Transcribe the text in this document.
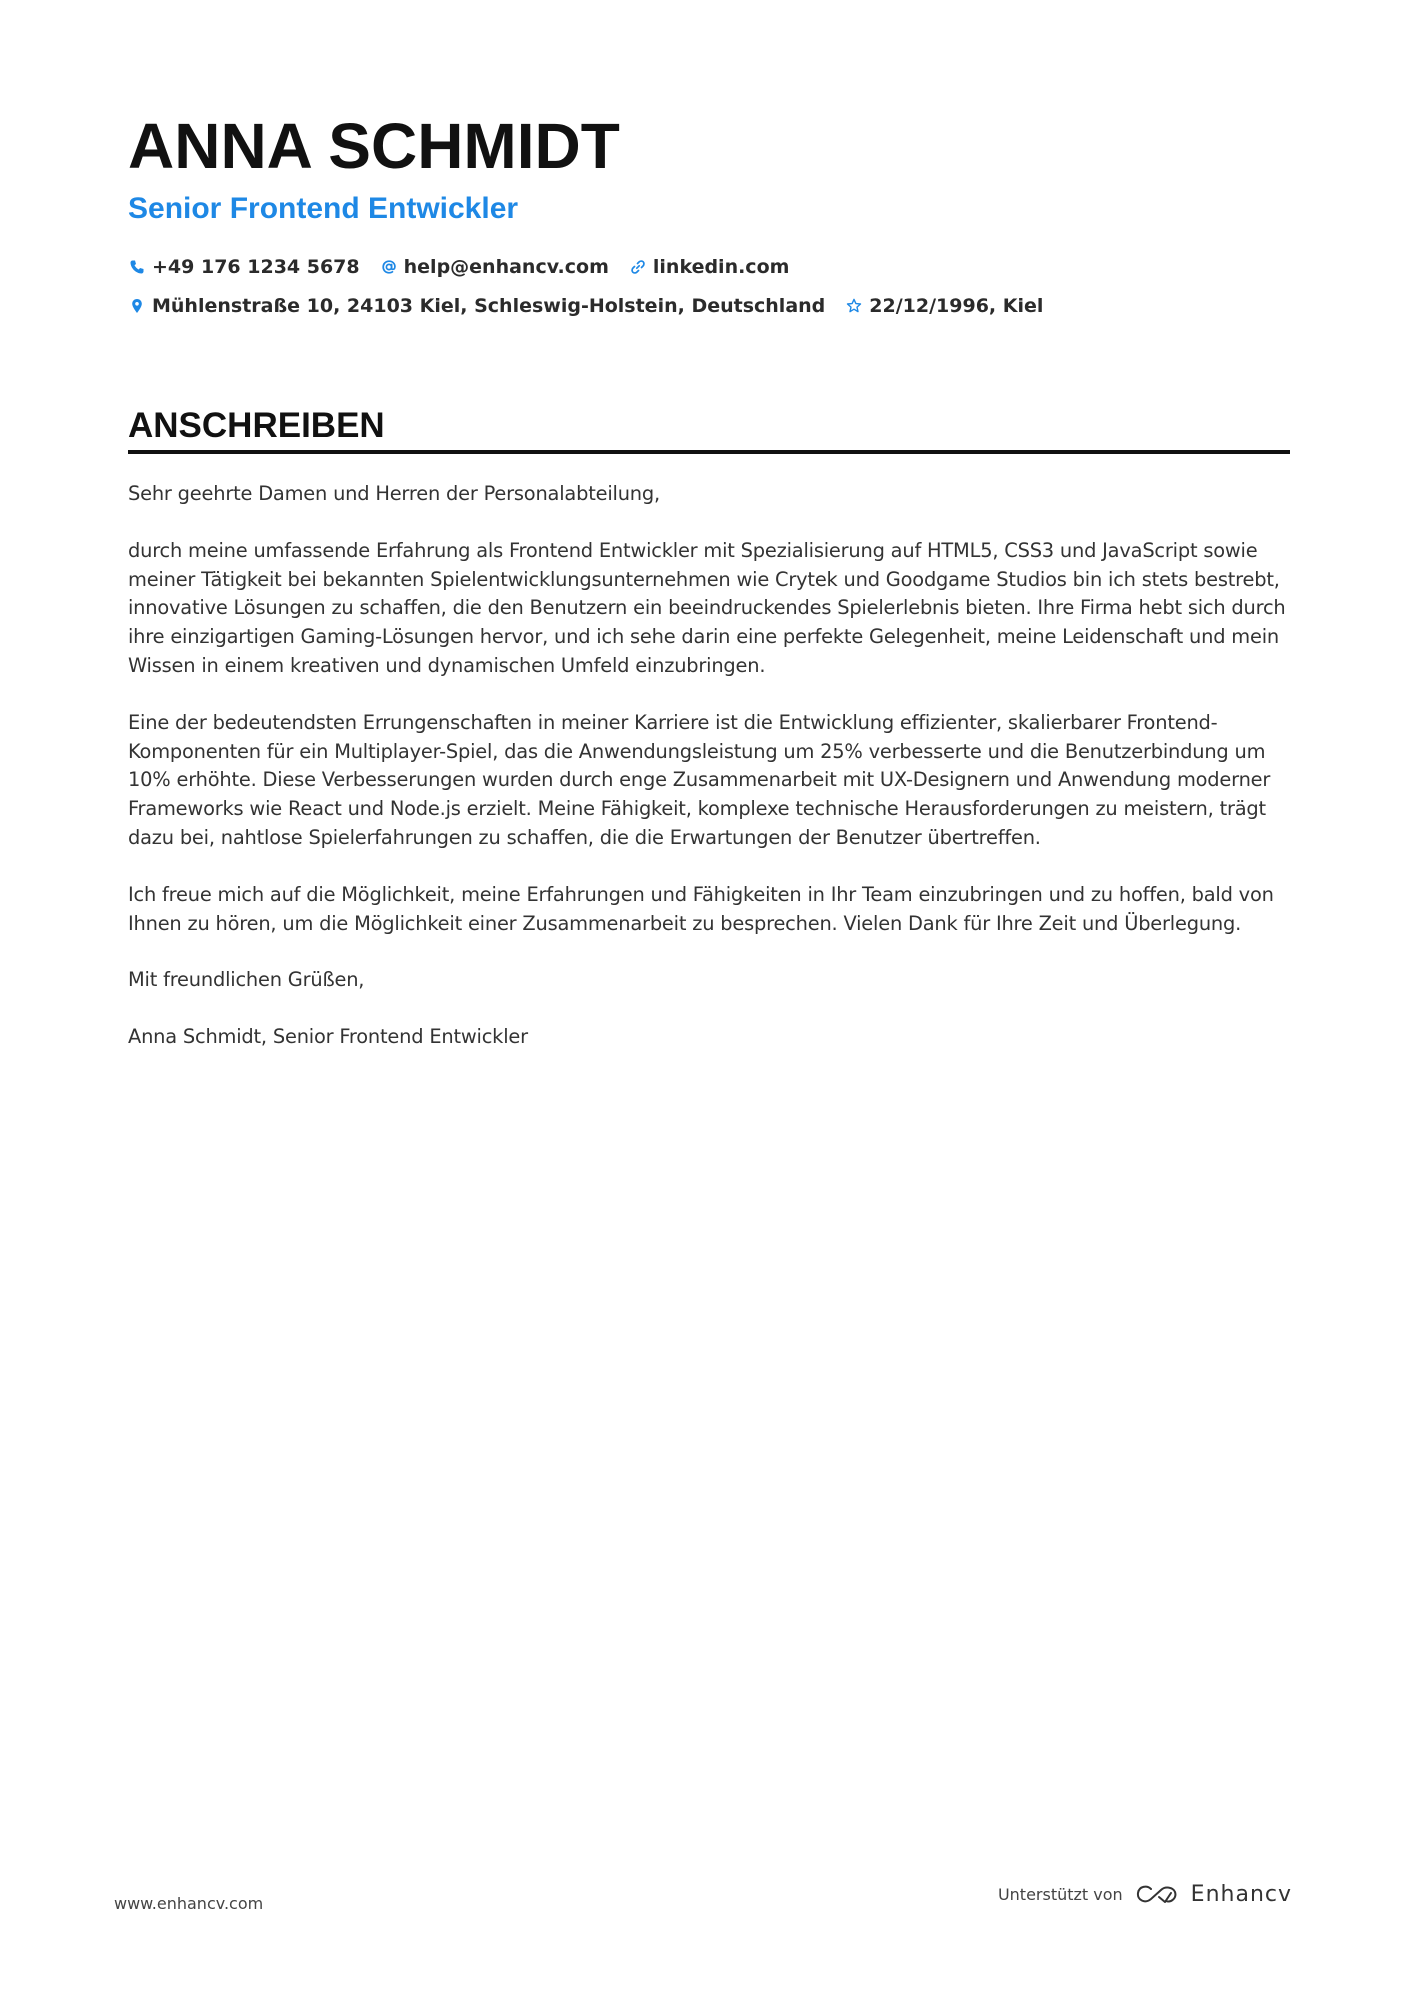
ANNA SCHMIDT
Senior Frontend Entwickler
+49 176 1234 5678 help@enhancv.com linkedin.com
Mühlenstraße 10, 24103 Kiel, Schleswig-Holstein, Deutschland 22/12/1996, Kiel
ANSCHREIBEN

Sehr geehrte Damen und Herren der Personalabteilung,

durch meine umfassende Erfahrung als Frontend Entwickler mit Spezialisierung auf HTML5, CSS3 und JavaScript sowie meiner Tätigkeit bei bekannten Spielentwicklungsunternehmen wie Crytek und Goodgame Studios bin ich stets bestrebt, innovative Lösungen zu schaffen, die den Benutzern ein beeindruckendes Spielerlebnis bieten. Ihre Firma hebt sich durch ihre einzigartigen Gaming-Lösungen hervor, und ich sehe darin eine perfekte Gelegenheit, meine Leidenschaft und mein Wissen in einem kreativen und dynamischen Umfeld einzubringen.

Eine der bedeutendsten Errungenschaften in meiner Karriere ist die Entwicklung effizienter, skalierbarer Frontend-Komponenten für ein Multiplayer-Spiel, das die Anwendungsleistung um 25% verbesserte und die Benutzerbindung um 10% erhöhte. Diese Verbesserungen wurden durch enge Zusammenarbeit mit UX-Designern und Anwendung moderner Frameworks wie React und Node.js erzielt. Meine Fähigkeit, komplexe technische Herausforderungen zu meistern, trägt dazu bei, nahtlose Spielerfahrungen zu schaffen, die die Erwartungen der Benutzer übertreffen.

Ich freue mich auf die Möglichkeit, meine Erfahrungen und Fähigkeiten in Ihr Team einzubringen und zu hoffen, bald von Ihnen zu hören, um die Möglichkeit einer Zusammenarbeit zu besprechen. Vielen Dank für Ihre Zeit und Überlegung.

Mit freundlichen Grüßen,

Anna Schmidt, Senior Frontend Entwickler

www.enhancv.com	Unterstützt von	Enhancv
